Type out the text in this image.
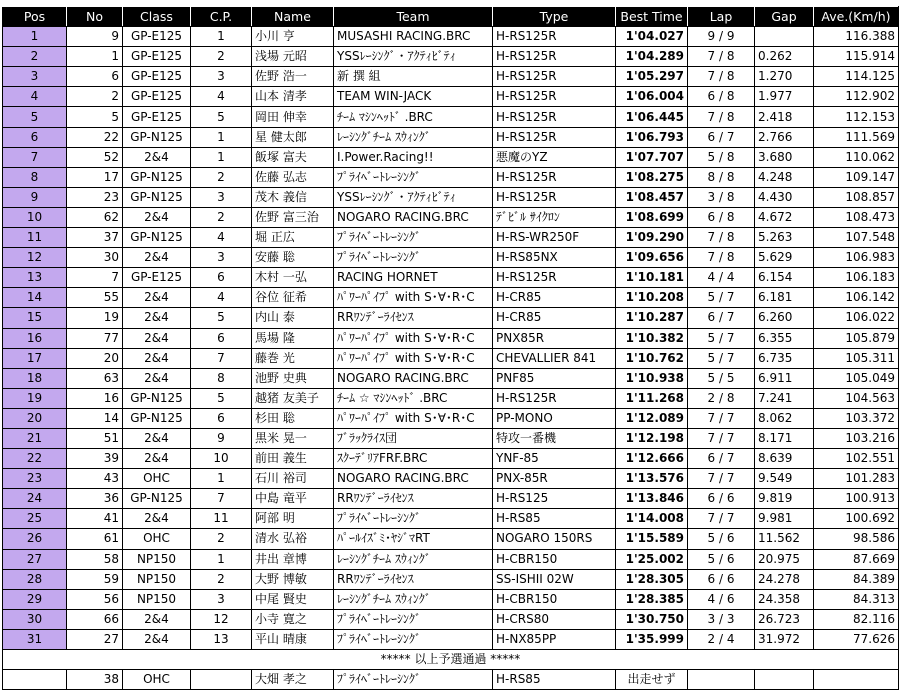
Pos	No	Class	C.P.	Name	Team	Type	Best Time	Lap	Gap	Ave.(Km/h)
1	9	GP-E125	1	小川 亨	MUSASHI RACING.BRC	H-RS125R	1'04.027	9 / 9		116.388
2	1	GP-E125	2	浅場 元昭	YSSﾚｰｼﾝｸﾞ・ｱｸﾃｨﾋﾞﾃｨ	H-RS125R	1'04.289	7 / 8	0.262	115.914
3	6	GP-E125	3	佐野 浩一	新 撰 組	H-RS125R	1'05.297	7 / 8	1.270	114.125
4	2	GP-E125	4	山本 清孝	TEAM WIN-JACK	H-RS125R	1'06.004	6 / 8	1.977	112.902
5	5	GP-E125	5	岡田 伸幸	ﾁｰﾑ ﾏｼﾝﾍｯﾄﾞ .BRC	H-RS125R	1'06.445	7 / 8	2.418	112.153
6	22	GP-N125	1	星 健太郎	ﾚｰｼﾝｸﾞﾁｰﾑ ｽｳｨﾝｸﾞ	H-RS125R	1'06.793	6 / 7	2.766	111.569
7	52	2&4	1	飯塚 富夫	I.Power.Racing!!	悪魔のYZ	1'07.707	5 / 8	3.680	110.062
8	17	GP-N125	2	佐藤 弘志	ﾌﾟﾗｲﾍﾞｰﾄﾚｰｼﾝｸﾞ	H-RS125R	1'08.275	8 / 8	4.248	109.147
9	23	GP-N125	3	茂木 義信	YSSﾚｰｼﾝｸﾞ・ｱｸﾃｨﾋﾞﾃｨ	H-RS125R	1'08.457	3 / 8	4.430	108.857
10	62	2&4	2	佐野 富三治	NOGARO RACING.BRC	ﾃﾞﾋﾞﾙ ｻｲｸﾛﾝ	1'08.699	6 / 8	4.672	108.473
11	37	GP-N125	4	堀 正広	ﾌﾟﾗｲﾍﾞｰﾄﾚｰｼﾝｸﾞ	H-RS-WR250F	1'09.290	7 / 8	5.263	107.548
12	30	2&4	3	安藤 聡	ﾌﾟﾗｲﾍﾞｰﾄﾚｰｼﾝｸﾞ	H-RS85NX	1'09.656	7 / 8	5.629	106.983
13	7	GP-E125	6	木村 一弘	RACING HORNET	H-RS125R	1'10.181	4 / 4	6.154	106.183
14	55	2&4	4	谷位 征希	ﾊﾟﾜｰﾊﾟｲﾌﾟ with S･∀･R･C	H-CR85	1'10.208	5 / 7	6.181	106.142
15	19	2&4	5	内山 泰	RRﾜﾝﾃﾞｰﾗｲｾﾝｽ	H-CR85	1'10.287	6 / 7	6.260	106.022
16	77	2&4	6	馬場 隆	ﾊﾟﾜｰﾊﾟｲﾌﾟ with S･∀･R･C	PNX85R	1'10.382	5 / 7	6.355	105.879
17	20	2&4	7	藤巻 光	ﾊﾟﾜｰﾊﾟｲﾌﾟ with S･∀･R･C	CHEVALLIER 841	1'10.762	5 / 7	6.735	105.311
18	63	2&4	8	池野 史典	NOGARO RACING.BRC	PNF85	1'10.938	5 / 5	6.911	105.049
19	16	GP-N125	5	越猪 友美子	ﾁｰﾑ ☆ ﾏｼﾝﾍｯﾄﾞ .BRC	H-RS125R	1'11.268	2 / 8	7.241	104.563
20	14	GP-N125	6	杉田 聡	ﾊﾟﾜｰﾊﾟｲﾌﾟ with S･∀･R･C	PP-MONO	1'12.089	7 / 7	8.062	103.372
21	51	2&4	9	黒米 晃一	ﾌﾞﾗｯｸﾗｲｽ団	特攻一番機	1'12.198	7 / 7	8.171	103.216
22	39	2&4	10	前田 義生	ｽｸｰﾃﾞﾘｱFRF.BRC	YNF-85	1'12.666	6 / 7	8.639	102.551
23	43	OHC	1	石川 裕司	NOGARO RACING.BRC	PNX-85R	1'13.576	7 / 7	9.549	101.283
24	36	GP-N125	7	中島 竜平	RRﾜﾝﾃﾞｰﾗｲｾﾝｽ	H-RS125	1'13.846	6 / 6	9.819	100.913
25	41	2&4	11	阿部 明	ﾌﾟﾗｲﾍﾞｰﾄﾚｰｼﾝｸﾞ	H-RS85	1'14.008	7 / 7	9.981	100.692
26	61	OHC	2	清水 弘裕	ﾊﾟｰﾙｲｽﾞﾐ･ﾔｼﾞﾏRT	NOGARO 150RS	1'15.589	5 / 6	11.562	98.586
27	58	NP150	1	井出 章博	ﾚｰｼﾝｸﾞﾁｰﾑ ｽｳｨﾝｸﾞ	H-CBR150	1'25.002	5 / 6	20.975	87.669
28	59	NP150	2	大野 博敏	RRﾜﾝﾃﾞｰﾗｲｾﾝｽ	SS-ISHII 02W	1'28.305	6 / 6	24.278	84.389
29	56	NP150	3	中尾 賢史	ﾚｰｼﾝｸﾞﾁｰﾑ ｽｳｨﾝｸﾞ	H-CBR150	1'28.385	4 / 6	24.358	84.313
30	66	2&4	12	小寺 寛之	ﾌﾟﾗｲﾍﾞｰﾄﾚｰｼﾝｸﾞ	H-CRS80	1'30.750	3 / 3	26.723	82.116
31	27	2&4	13	平山 晴康	ﾌﾟﾗｲﾍﾞｰﾄﾚｰｼﾝｸﾞ	H-NX85PP	1'35.999	2 / 4	31.972	77.626
***** 以上予選通過 *****										
	38	OHC		大畑 孝之	ﾌﾟﾗｲﾍﾞｰﾄﾚｰｼﾝｸﾞ	H-RS85	出走せず			
